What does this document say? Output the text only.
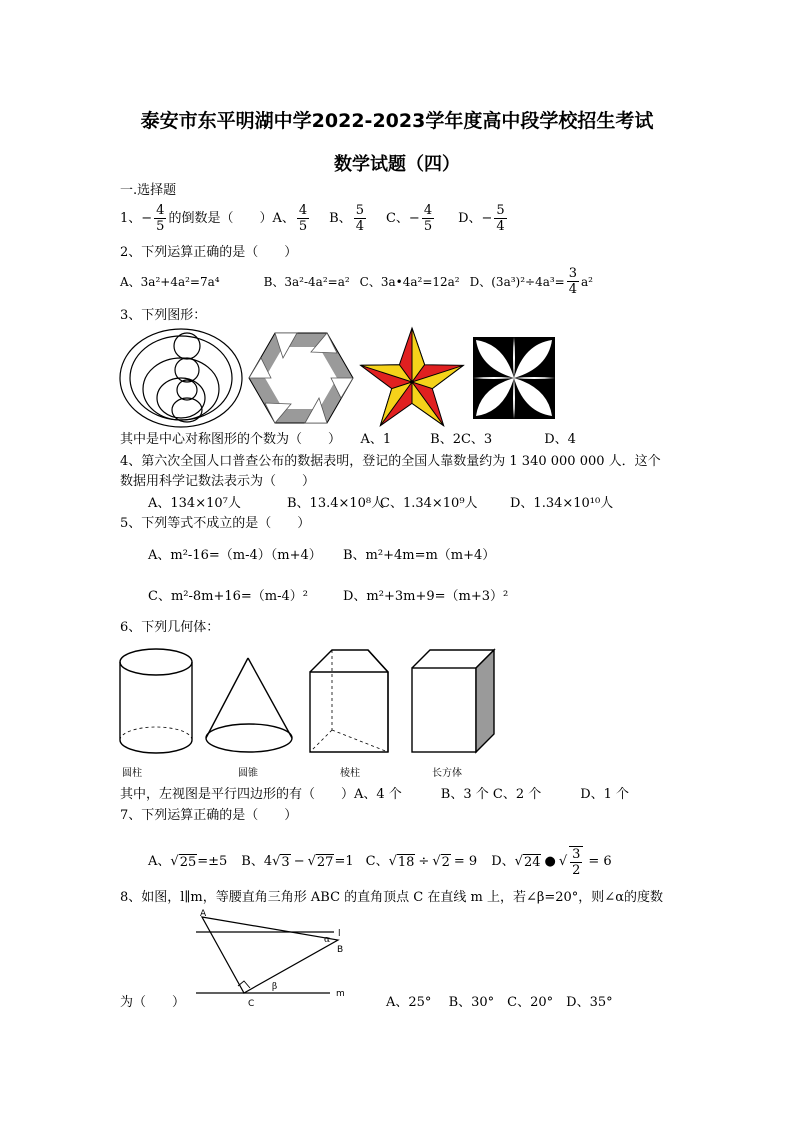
泰安市东平明湖中学2022-2023学年度高中段学校招生考试
数学试题（四）
一.选择题
1、− $\frac{4}{5}$ 的倒数是（　　）A、 $\frac{4}{5}$ B、 $\frac{5}{4}$ C、− $\frac{4}{5}$ D、− $\frac{5}{4}$
2、下列运算正确的是（　　）
A、3a²+4a²=7a⁴	B、3a²-4a²=a² C、3a•4a²=12a² D、$(3a^3)^2\div 4a^3= \frac{3}{4} a^2$
3、下列图形：
其中是中心对称图形的个数为（　　）　　A、1　　　B、2C、3　　　　D、4
4、第六次全国人口普查公布的数据表明，登记的全国人靠数量约为 1 340 000 000 人．这个
数据用科学记数法表示为（　　）
A、134×10⁷人	B、13.4×10⁸人
C、1.34×10⁹人 D、1.34×10¹⁰人
5、下列等式不成立的是（　　）
A、m²-16=（m-4）（m+4） B、m²+4m=m（m+4）
C、m²-8m+16=（m-4）²	D、m²+3m+9=（m+3）²
6、下列几何体：
圆柱	圆锥	棱柱	长方体
其中，左视图是平行四边形的有（　　）A、4 个　　　B、3 个 C、2 个　　　D、1 个
7、下列运算正确的是（　　）
A、 √ 25 =±5 B、4 √ 3 − √ 27 =1 C、 √ 18 ÷ √ 2 = 9 D、 √ 24 ● √ $\frac{3}{2} = 6$
8、如图，l∥m，等腰直角三角形 ABC 的直角顶点 C 在直线 m 上，若∠β=20°，则∠α的度数
A
B
C
l
m
α
β
为（　　）	A、25°　 B、30°　C、20°　D、35°
